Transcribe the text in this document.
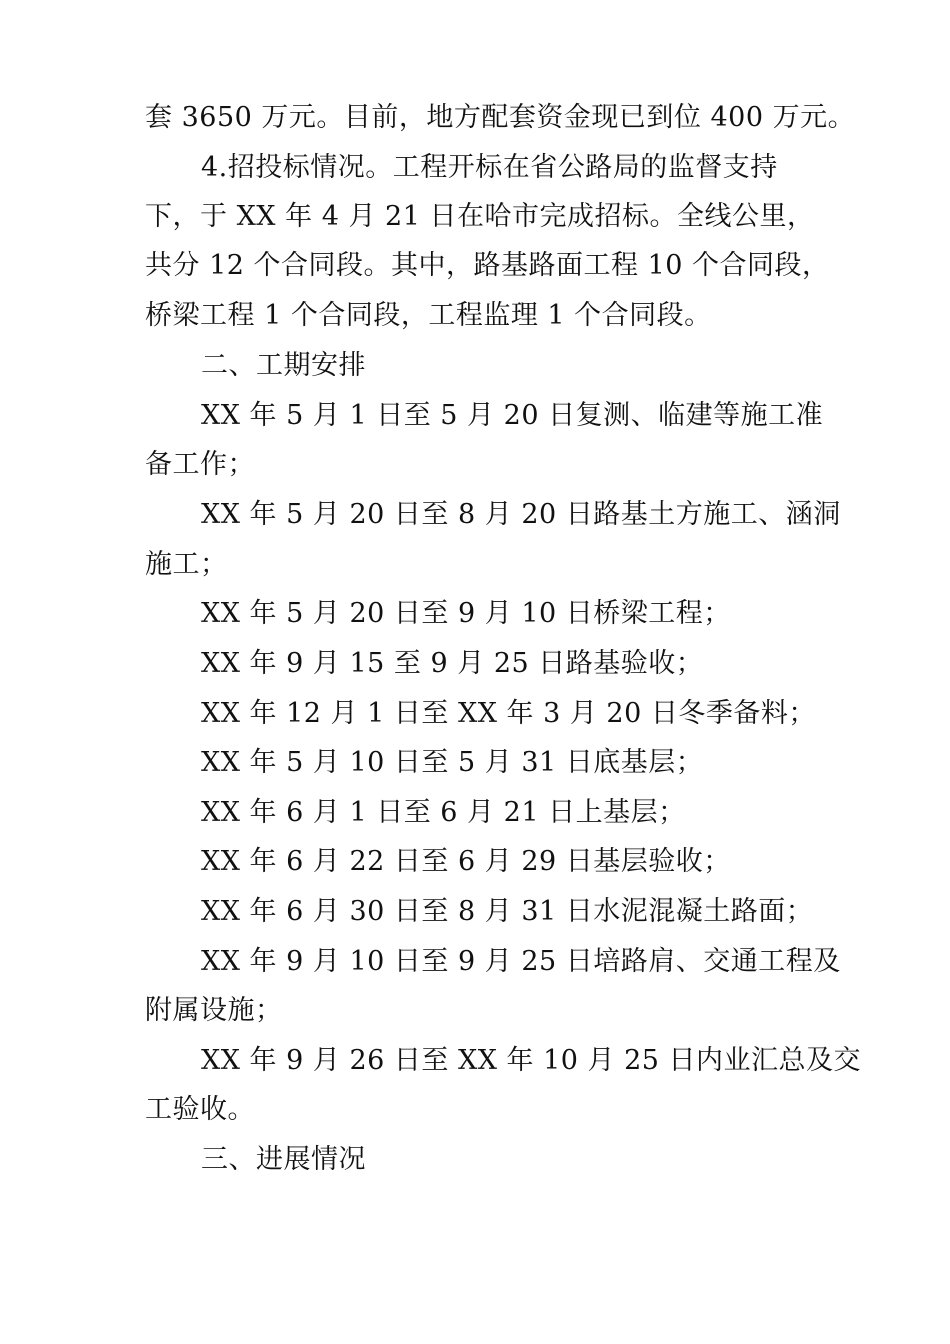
套 3650 万元。目前，地方配套资金现已到位 400 万元。
4.招投标情况。工程开标在省公路局的监督支持
下，于 XX 年 4 月 21 日在哈市完成招标。全线公里，
共分 12 个合同段。其中，路基路面工程 10 个合同段，
桥梁工程 1 个合同段，工程监理 1 个合同段。
二、工期安排
XX 年 5 月 1 日至 5 月 20 日复测、临建等施工准
备工作；
XX 年 5 月 20 日至 8 月 20 日路基土方施工、涵洞
施工；
XX 年 5 月 20 日至 9 月 10 日桥梁工程；
XX 年 9 月 15 至 9 月 25 日路基验收；
XX 年 12 月 1 日至 XX 年 3 月 20 日冬季备料；
XX 年 5 月 10 日至 5 月 31 日底基层；
XX 年 6 月 1 日至 6 月 21 日上基层；
XX 年 6 月 22 日至 6 月 29 日基层验收；
XX 年 6 月 30 日至 8 月 31 日水泥混凝土路面；
XX 年 9 月 10 日至 9 月 25 日培路肩、交通工程及
附属设施；
XX 年 9 月 26 日至 XX 年 10 月 25 日内业汇总及交
工验收。
三、进展情况
